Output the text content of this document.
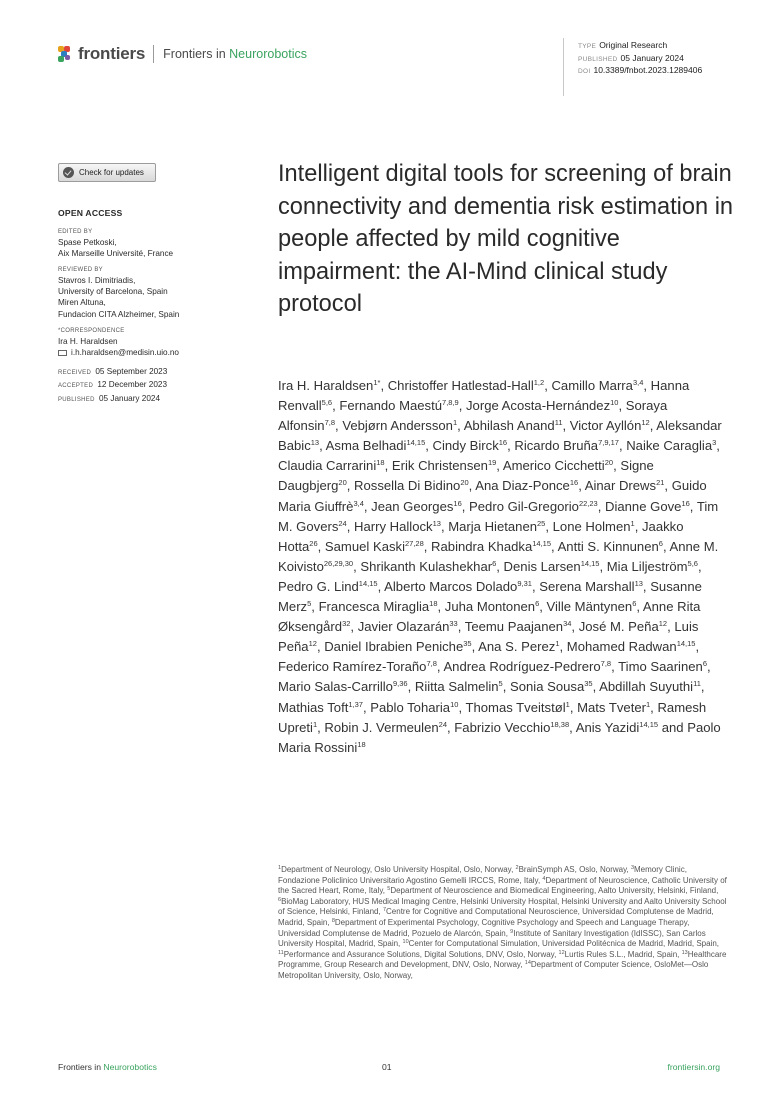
frontiers Frontiers in Neurorobotics
TYPE Original Research
PUBLISHED 05 January 2024
DOI 10.3389/fnbot.2023.1289406
Check for updates
OPEN ACCESS
EDITED BY
Spase Petkoski,
Aix Marseille Université, France
REVIEWED BY
Stavros I. Dimitriadis,
University of Barcelona, Spain
Miren Altuna,
Fundacion CITA Alzheimer, Spain
*CORRESPONDENCE
Ira H. Haraldsen
i.h.haraldsen@medisin.uio.no
RECEIVED 05 September 2023
ACCEPTED 12 December 2023
PUBLISHED 05 January 2024
Intelligent digital tools for screening of brain connectivity and dementia risk estimation in people affected by mild cognitive impairment: the AI-Mind clinical study protocol
Ira H. Haraldsen$^{1*}$, Christoffer Hatlestad-Hall$^{1,2}$, Camillo Marra$^{3,4}$, Hanna Renvall$^{5,6}$, Fernando Maestú$^{7,8,9}$, Jorge Acosta-Hernández$^{10}$, Soraya Alfonsin$^{7,8}$, Vebjørn Andersson$^1$, Abhilash Anand$^{11}$, Victor Ayllón$^{12}$, Aleksandar Babic$^{13}$, Asma Belhadi$^{14,15}$, Cindy Birck$^{16}$, Ricardo Bruña$^{7,9,17}$, Naike Caraglia$^3$, Claudia Carrarini$^{18}$, Erik Christensen$^{19}$, Americo Cicchetti$^{20}$, Signe Daugbjerg$^{20}$, Rossella Di Bidino$^{20}$, Ana Diaz-Ponce$^{16}$, Ainar Drews$^{21}$, Guido Maria Giuffrè$^{3,4}$, Jean Georges$^{16}$, Pedro Gil-Gregorio$^{22,23}$, Dianne Gove$^{16}$, Tim M. Govers$^{24}$, Harry Hallock$^{13}$, Marja Hietanen$^{25}$, Lone Holmen$^1$, Jaakko Hotta$^{26}$, Samuel Kaski$^{27,28}$, Rabindra Khadka$^{14,15}$, Antti S. Kinnunen$^6$, Anne M. Koivisto$^{26,29,30}$, Shrikanth Kulashekhar$^6$, Denis Larsen$^{14,15}$, Mia Liljeström$^{5,6}$, Pedro G. Lind$^{14,15}$, Alberto Marcos Dolado$^{9,31}$, Serena Marshall$^{13}$, Susanne Merz$^5$, Francesca Miraglia$^{18}$, Juha Montonen$^6$, Ville Mäntynen$^6$, Anne Rita Øksengård$^{32}$, Javier Olazarán$^{33}$, Teemu Paajanen$^{34}$, José M. Peña$^{12}$, Luis Peña$^{12}$, Daniel Ibrabien Peniche$^{35}$, Ana S. Perez$^1$, Mohamed Radwan$^{14,15}$, Federico Ramírez-Toraño$^{7,8}$, Andrea Rodríguez-Pedrero$^{7,8}$, Timo Saarinen$^6$, Mario Salas-Carrillo$^{9,36}$, Riitta Salmelin$^5$, Sonia Sousa$^{35}$, Abdillah Suyuthi$^{11}$, Mathias Toft$^{1,37}$, Pablo Toharia$^{10}$, Thomas Tveitstøl$^1$, Mats Tveter$^1$, Ramesh Upreti$^1$, Robin J. Vermeulen$^{24}$, Fabrizio Vecchio$^{18,38}$, Anis Yazidi$^{14,15}$ and Paolo Maria Rossini$^{18}$
$^1$Department of Neurology, Oslo University Hospital, Oslo, Norway, $^2$BrainSymph AS, Oslo, Norway, $^3$Memory Clinic, Fondazione Policlinico Universitario Agostino Gemelli IRCCS, Rome, Italy, $^4$Department of Neuroscience, Catholic University of the Sacred Heart, Rome, Italy, $^5$Department of Neuroscience and Biomedical Engineering, Aalto University, Helsinki, Finland, $^6$BioMag Laboratory, HUS Medical Imaging Centre, Helsinki University Hospital, Helsinki University and Aalto University School of Science, Helsinki, Finland, $^7$Centre for Cognitive and Computational Neuroscience, Universidad Complutense de Madrid, Madrid, Spain, $^8$Department of Experimental Psychology, Cognitive Psychology and Speech and Language Therapy, Universidad Complutense de Madrid, Pozuelo de Alarcón, Spain, $^9$Institute of Sanitary Investigation (IdISSC), San Carlos University Hospital, Madrid, Spain, $^{10}$Center for Computational Simulation, Universidad Politécnica de Madrid, Madrid, Spain, $^{11}$Performance and Assurance Solutions, Digital Solutions, DNV, Oslo, Norway, $^{12}$Lurtis Rules S.L., Madrid, Spain, $^{13}$Healthcare Programme, Group Research and Development, DNV, Oslo, Norway, $^{14}$Department of Computer Science, OsloMet—Oslo Metropolitan University, Oslo, Norway,
Frontiers in Neurorobotics	01	frontiersin.org
